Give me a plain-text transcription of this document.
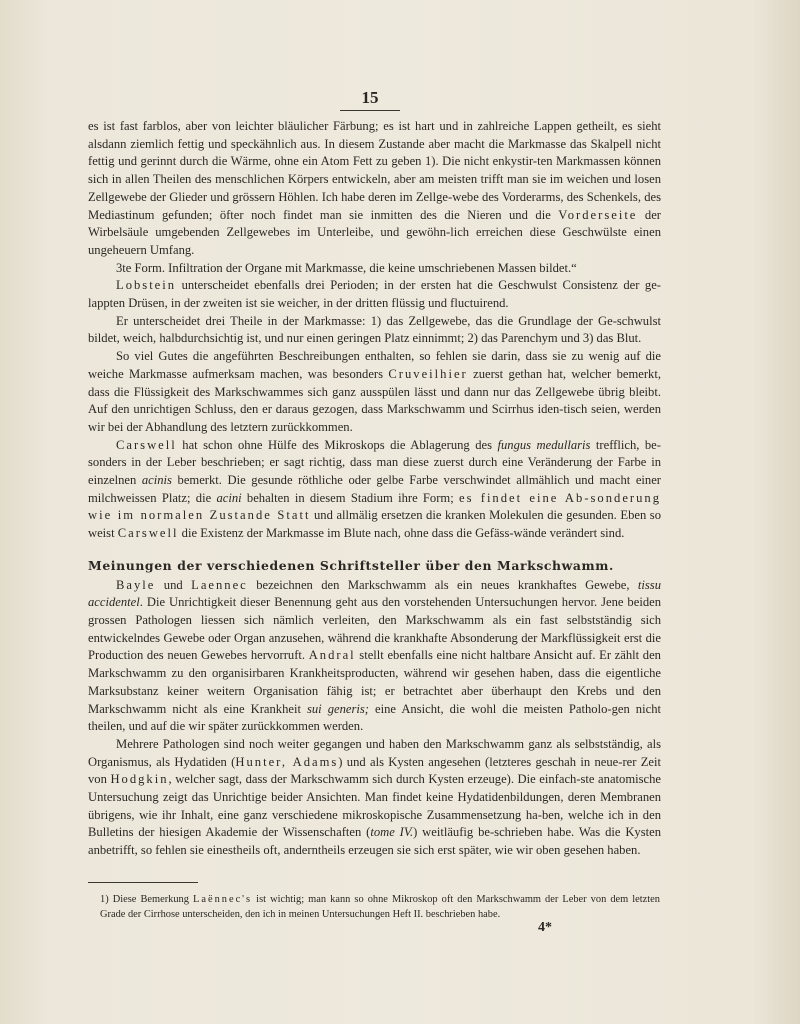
15

es ist fast farblos, aber von leichter bläulicher Färbung; es ist hart und in zahlreiche Lappen getheilt, es sieht alsdann ziemlich fettig und speckähnlich aus. In diesem Zustande aber macht die Markmasse das Skalpell nicht fettig und gerinnt durch die Wärme, ohne ein Atom Fett zu geben 1). Die nicht enkystir-ten Markmassen können sich in allen Theilen des menschlichen Körpers entwickeln, aber am meisten trifft man sie im weichen und losen Zellgewebe der Glieder und grössern Höhlen. Ich habe deren im Zellge-webe des Vorderarms, des Schenkels, des Mediastinum gefunden; öfter noch findet man sie inmitten des die Nieren und die Vorderseite der Wirbelsäule umgebenden Zellgewebes im Unterleibe, und gewöhn-lich erreichen diese Geschwülste einen ungeheuern Umfang.

3te Form. Infiltration der Organe mit Markmasse, die keine umschriebenen Massen bildet.“

Lobstein unterscheidet ebenfalls drei Perioden; in der ersten hat die Geschwulst Consistenz der ge-lappten Drüsen, in der zweiten ist sie weicher, in der dritten flüssig und fluctuirend.

Er unterscheidet drei Theile in der Markmasse: 1) das Zellgewebe, das die Grundlage der Ge-schwulst bildet, weich, halbdurchsichtig ist, und nur einen geringen Platz einnimmt; 2) das Parenchym und 3) das Blut.

So viel Gutes die angeführten Beschreibungen enthalten, so fehlen sie darin, dass sie zu wenig auf die weiche Markmasse aufmerksam machen, was besonders Cruveilhier zuerst gethan hat, welcher bemerkt, dass die Flüssigkeit des Markschwammes sich ganz ausspülen lässt und dann nur das Zellgewebe übrig bleibt. Auf den unrichtigen Schluss, den er daraus gezogen, dass Markschwamm und Scirrhus iden-tisch seien, werden wir bei der Abhandlung des letztern zurückkommen.

Carswell hat schon ohne Hülfe des Mikroskops die Ablagerung des fungus medullaris trefflich, be-sonders in der Leber beschrieben; er sagt richtig, dass man diese zuerst durch eine Veränderung der Farbe in einzelnen acinis bemerkt. Die gesunde röthliche oder gelbe Farbe verschwindet allmählich und macht einer milchweissen Platz; die acini behalten in diesem Stadium ihre Form; es findet eine Ab-sonderung wie im normalen Zustande Statt und allmälig ersetzen die kranken Molekulen die gesunden. Eben so weist Carswell die Existenz der Markmasse im Blute nach, ohne dass die Gefäss-wände verändert sind.

Meinungen der verschiedenen Schriftsteller über den Markschwamm.

Bayle und Laennec bezeichnen den Markschwamm als ein neues krankhaftes Gewebe, tissu accidentel. Die Unrichtigkeit dieser Benennung geht aus den vorstehenden Untersuchungen hervor. Jene beiden grossen Pathologen liessen sich nämlich verleiten, den Markschwamm als ein fast selbstständig sich entwickelndes Gewebe oder Organ anzusehen, während die krankhafte Absonderung der Markflüssigkeit erst die Production des neuen Gewebes hervorruft. Andral stellt ebenfalls eine nicht haltbare Ansicht auf. Er zählt den Markschwamm zu den organisirbaren Krankheitsproducten, während wir gesehen haben, dass die eigentliche Marksubstanz keiner weitern Organisation fähig ist; er betrachtet aber überhaupt den Krebs und den Markschwamm nicht als eine Krankheit sui generis; eine Ansicht, die wohl die meisten Patholo-gen nicht theilen, und auf die wir später zurückkommen werden.

Mehrere Pathologen sind noch weiter gegangen und haben den Markschwamm ganz als selbstständig, als Organismus, als Hydatiden (Hunter, Adams) und als Kysten angesehen (letzteres geschah in neue-rer Zeit von Hodgkin, welcher sagt, dass der Markschwamm sich durch Kysten erzeuge). Die einfach-ste anatomische Untersuchung zeigt das Unrichtige beider Ansichten. Man findet keine Hydatidenbildungen, deren Membranen übrigens, wie ihr Inhalt, eine ganz verschiedene mikroskopische Zusammensetzung ha-ben, welche ich in den Bulletins der hiesigen Akademie der Wissenschaften (tome IV.) weitläufig be-schrieben habe. Was die Kysten anbetrifft, so fehlen sie einestheils oft, anderntheils erzeugen sie sich erst später, wie wir oben gesehen haben.

1) Diese Bemerkung Laënnec's ist wichtig; man kann so ohne Mikroskop oft den Markschwamm der Leber von dem letzten Grade der Cirrhose unterscheiden, den ich in meinen Untersuchungen Heft II. beschrieben habe.
4*
